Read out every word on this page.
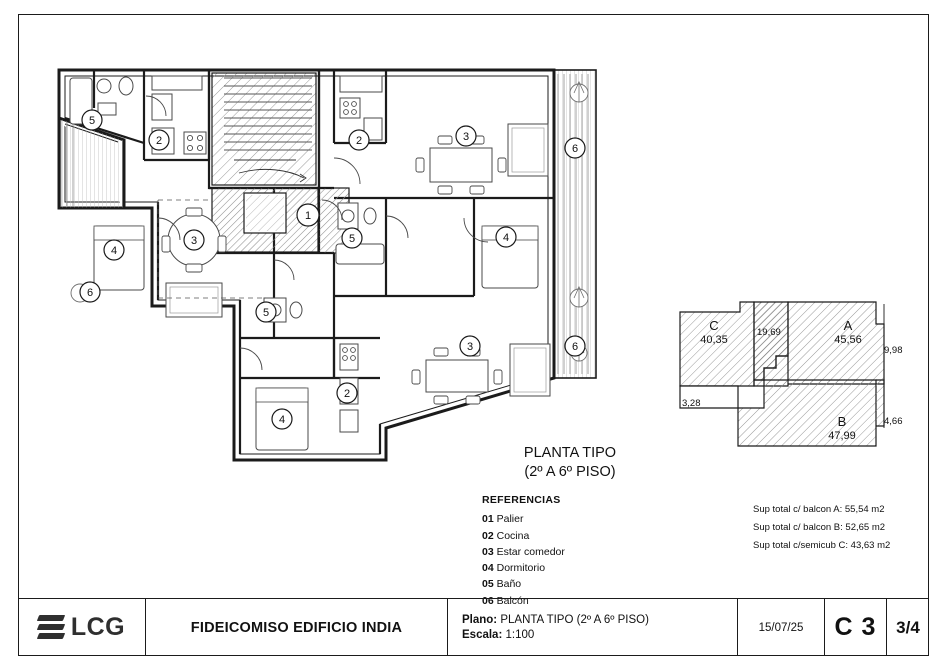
1
5
2	2	3
6
4
3	5	4
5
6
3	6
2
4
PLANTA TIPO
(2º A 6º PISO)
REFERENCIAS
01 Palier
02 Cocina
03 Estar comedor
04 Dormitorio
05 Baño
06 Balcón
C
40,35
A
45,56
B
47,99
19,69
9,98
4,66
3,28
Sup total c/ balcon A: 55,54 m2
Sup total c/ balcon B: 52,65 m2
Sup total c/semicub C: 43,63 m2
LCG	FIDEICOMISO EDIFICIO INDIA	Plano: PLANTA TIPO (2º A 6º PISO)
Escala: 1:100
15/07/25	C 3	3/4
